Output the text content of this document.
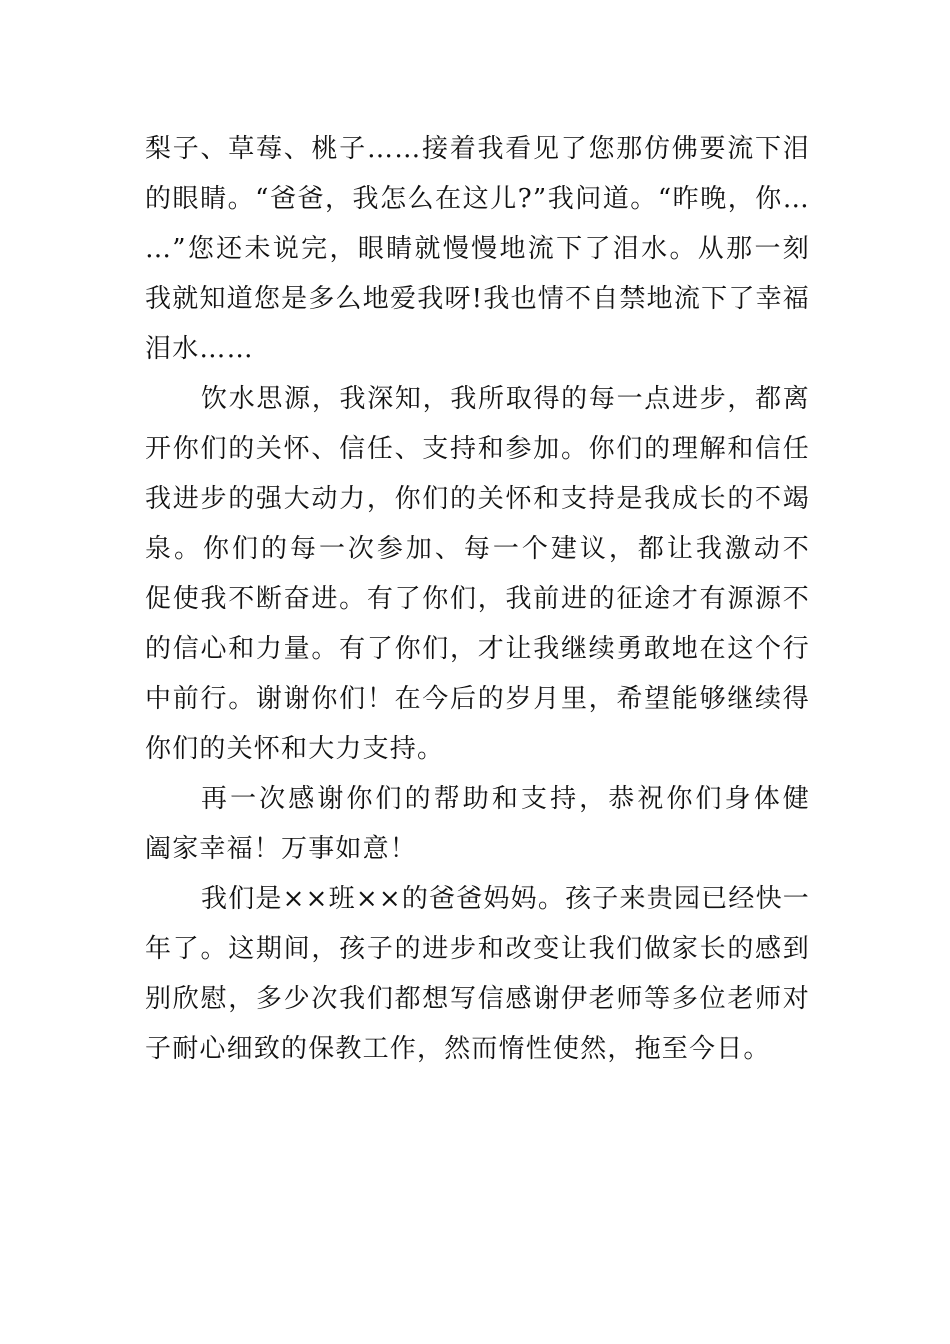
梨子、草莓、桃子……接着我看见了您那仿佛要流下泪
的眼睛。“爸爸，我怎么在这儿?”我问道。“昨晚，你…
…”您还未说完，眼睛就慢慢地流下了泪水。从那一刻
我就知道您是多么地爱我呀!我也情不自禁地流下了幸福
泪水……
饮水思源，我深知，我所取得的每一点进步，都离
开你们的关怀、信任、支持和参加。你们的理解和信任
我进步的强大动力，你们的关怀和支持是我成长的不竭
泉。你们的每一次参加、每一个建议，都让我激动不
促使我不断奋进。有了你们，我前进的征途才有源源不
的信心和力量。有了你们，才让我继续勇敢地在这个行
中前行。谢谢你们！在今后的岁月里，希望能够继续得
你们的关怀和大力支持。
再一次感谢你们的帮助和支持，恭祝你们身体健
阖家幸福！万事如意！
我们是××班××的爸爸妈妈。孩子来贵园已经快一
年了。这期间，孩子的进步和改变让我们做家长的感到
别欣慰，多少次我们都想写信感谢伊老师等多位老师对
子耐心细致的保教工作，然而惰性使然，拖至今日。
